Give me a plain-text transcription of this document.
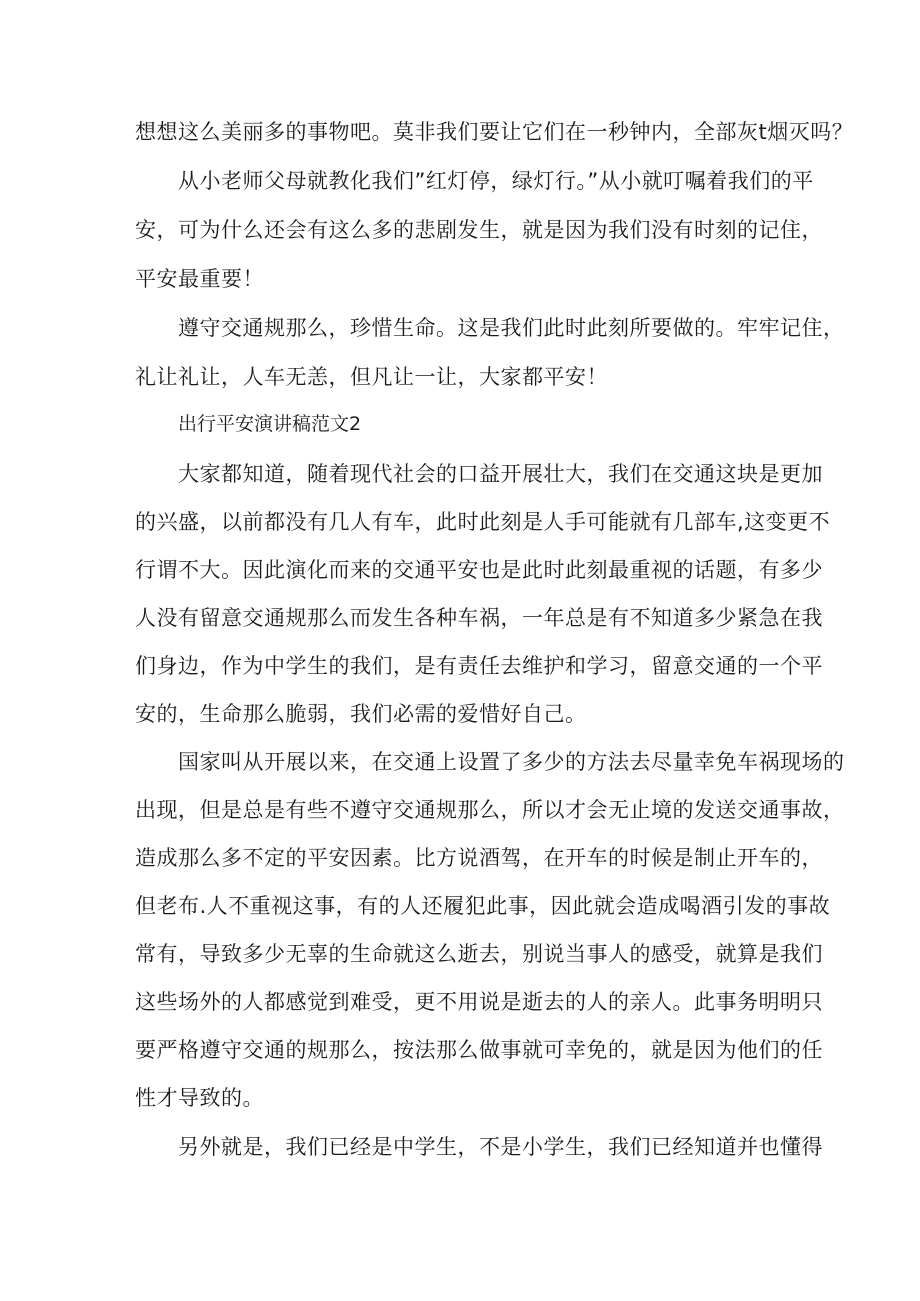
想想这么美丽多的事物吧。莫非我们要让它们在一秒钟内，全部灰t烟灭吗？
从小老师父母就教化我们”红灯停，绿灯行。”从小就叮嘱着我们的平
安，可为什么还会有这么多的悲剧发生，就是因为我们没有时刻的记住，
平安最重要！
遵守交通规那么，珍惜生命。这是我们此时此刻所要做的。牢牢记住，
礼让礼让，人车无恙，但凡让一让，大家都平安！
出行平安演讲稿范文2
大家都知道，随着现代社会的口益开展壮大，我们在交通这块是更加
的兴盛，以前都没有几人有车，此时此刻是人手可能就有几部车,这变更不
行谓不大。因此演化而来的交通平安也是此时此刻最重视的话题，有多少
人没有留意交通规那么而发生各种车祸，一年总是有不知道多少紧急在我
们身边，作为中学生的我们，是有责任去维护和学习，留意交通的一个平
安的，生命那么脆弱，我们必需的爱惜好自己。
国家叫从开展以来，在交通上设置了多少的方法去尽量幸免车祸现场的
出现，但是总是有些不遵守交通规那么，所以才会无止境的发送交通事故，
造成那么多不定的平安因素。比方说酒驾，在开车的时候是制止开车的，
但老布.人不重视这事，有的人还履犯此事，因此就会造成喝酒引发的事故
常有，导致多少无辜的生命就这么逝去，别说当事人的感受，就算是我们
这些场外的人都感觉到难受，更不用说是逝去的人的亲人。此事务明明只
要严格遵守交通的规那么，按法那么做事就可幸免的，就是因为他们的任
性才导致的。
另外就是，我们已经是中学生，不是小学生，我们已经知道并也懂得
